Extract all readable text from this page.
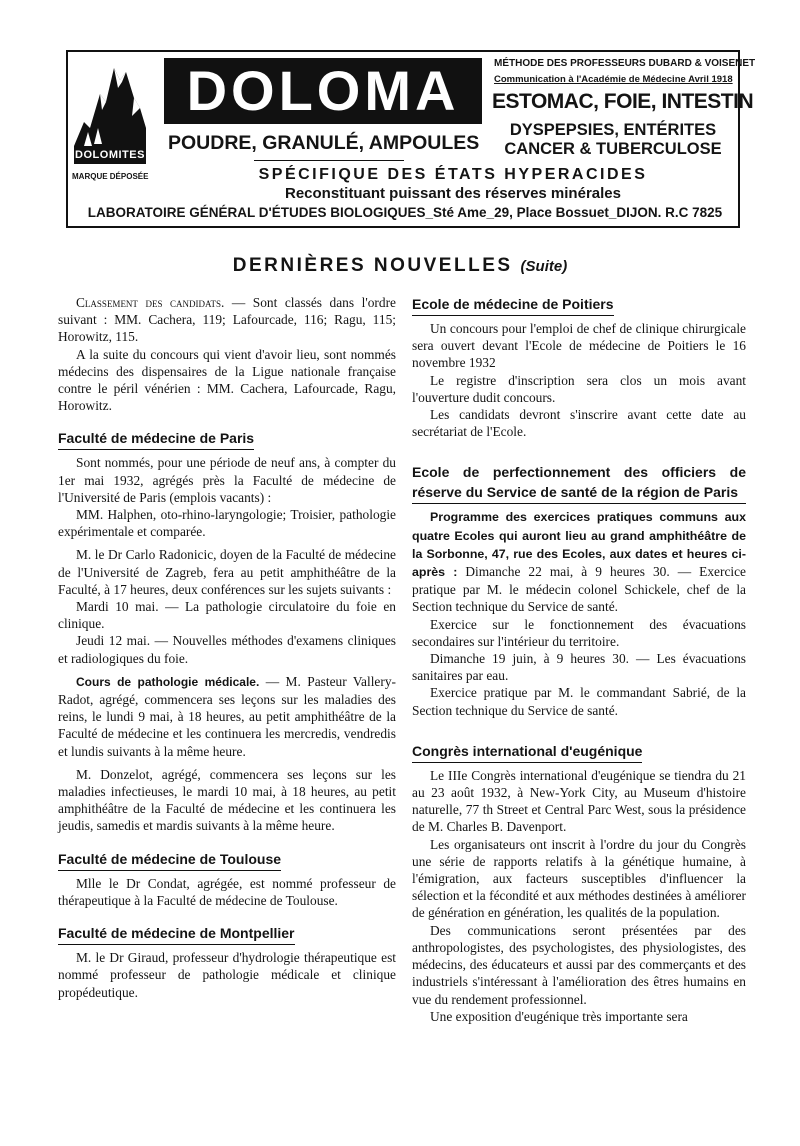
DOLOMITES
MARQUE DÉPOSÉE
DOLOMA
POUDRE, GRANULÉ, AMPOULES
MÉTHODE DES PROFESSEURS DUBARD & VOISENET
Communication à l'Académie de Médecine Avril 1918
ESTOMAC, FOIE, INTESTIN
DYSPEPSIES, ENTÉRITES
CANCER & TUBERCULOSE
SPÉCIFIQUE DES ÉTATS HYPERACIDES
Reconstituant puissant des réserves minérales
LABORATOIRE GÉNÉRAL D'ÉTUDES BIOLOGIQUES_Sté Ame_29, Place Bossuet_DIJON. R.C 7825
DERNIÈRES NOUVELLES (Suite)

Classement des candidats. — Sont classés dans l'ordre suivant : MM. Cachera, 119; Lafourcade, 116; Ragu, 115; Horowitz, 115.

A la suite du concours qui vient d'avoir lieu, sont nommés médecins des dispensaires de la Ligue nationale française contre le péril vénérien : MM. Cachera, Lafourcade, Ragu, Horowitz.

Faculté de médecine de Paris

Sont nommés, pour une période de neuf ans, à compter du 1er mai 1932, agrégés près la Faculté de médecine de l'Université de Paris (emplois vacants) :

MM. Halphen, oto-rhino-laryngologie; Troisier, pathologie expérimentale et comparée.

M. le Dr Carlo Radonicic, doyen de la Faculté de médecine de l'Université de Zagreb, fera au petit amphithéâtre de la Faculté, à 17 heures, deux conférences sur les sujets suivants :

Mardi 10 mai. — La pathologie circulatoire du foie en clinique.

Jeudi 12 mai. — Nouvelles méthodes d'examens cliniques et radiologiques du foie.

Cours de pathologie médicale. — M. Pasteur Vallery-Radot, agrégé, commencera ses leçons sur les maladies des reins, le lundi 9 mai, à 18 heures, au petit amphithéâtre de la Faculté de médecine et les continuera les mercredis, vendredis et lundis suivants à la même heure.

M. Donzelot, agrégé, commencera ses leçons sur les maladies infectieuses, le mardi 10 mai, à 18 heures, au petit amphithéâtre de la Faculté de médecine et les continuera les jeudis, samedis et mardis suivants à la même heure.

Faculté de médecine de Toulouse

Mlle le Dr Condat, agrégée, est nommé professeur de thérapeutique à la Faculté de médecine de Toulouse.

Faculté de médecine de Montpellier

M. le Dr Giraud, professeur d'hydrologie thérapeutique est nommé professeur de pathologie médicale et clinique propédeutique.

Ecole de médecine de Poitiers

Un concours pour l'emploi de chef de clinique chirurgicale sera ouvert devant l'Ecole de médecine de Poitiers le 16 novembre 1932

Le registre d'inscription sera clos un mois avant l'ouverture dudit concours.

Les candidats devront s'inscrire avant cette date au secrétariat de l'Ecole.

Ecole de perfectionnement des officiers de réserve du Service de santé de la région de Paris

Programme des exercices pratiques communs aux quatre Ecoles qui auront lieu au grand amphithéâtre de la Sorbonne, 47, rue des Ecoles, aux dates et heures ci-après : Dimanche 22 mai, à 9 heures 30. — Exercice pratique par M. le médecin colonel Schickele, chef de la Section technique du Service de santé.

Exercice sur le fonctionnement des évacuations secondaires sur l'intérieur du territoire.

Dimanche 19 juin, à 9 heures 30. — Les évacuations sanitaires par eau.

Exercice pratique par M. le commandant Sabrié, de la Section technique du Service de santé.

Congrès international d'eugénique

Le IIIe Congrès international d'eugénique se tiendra du 21 au 23 août 1932, à New-York City, au Museum d'histoire naturelle, 77 th Street et Central Parc West, sous la présidence de M. Charles B. Davenport.

Les organisateurs ont inscrit à l'ordre du jour du Congrès une série de rapports relatifs à la génétique humaine, à l'émigration, aux facteurs susceptibles d'influencer la sélection et la fécondité et aux méthodes destinées à améliorer de génération en génération, les qualités de la population.

Des communications seront présentées par des anthropologistes, des psychologistes, des physiologistes, des médecins, des éducateurs et aussi par des commerçants et des industriels s'intéressant à l'amélioration des êtres humains en vue du rendement professionnel.

Une exposition d'eugénique très importante sera
